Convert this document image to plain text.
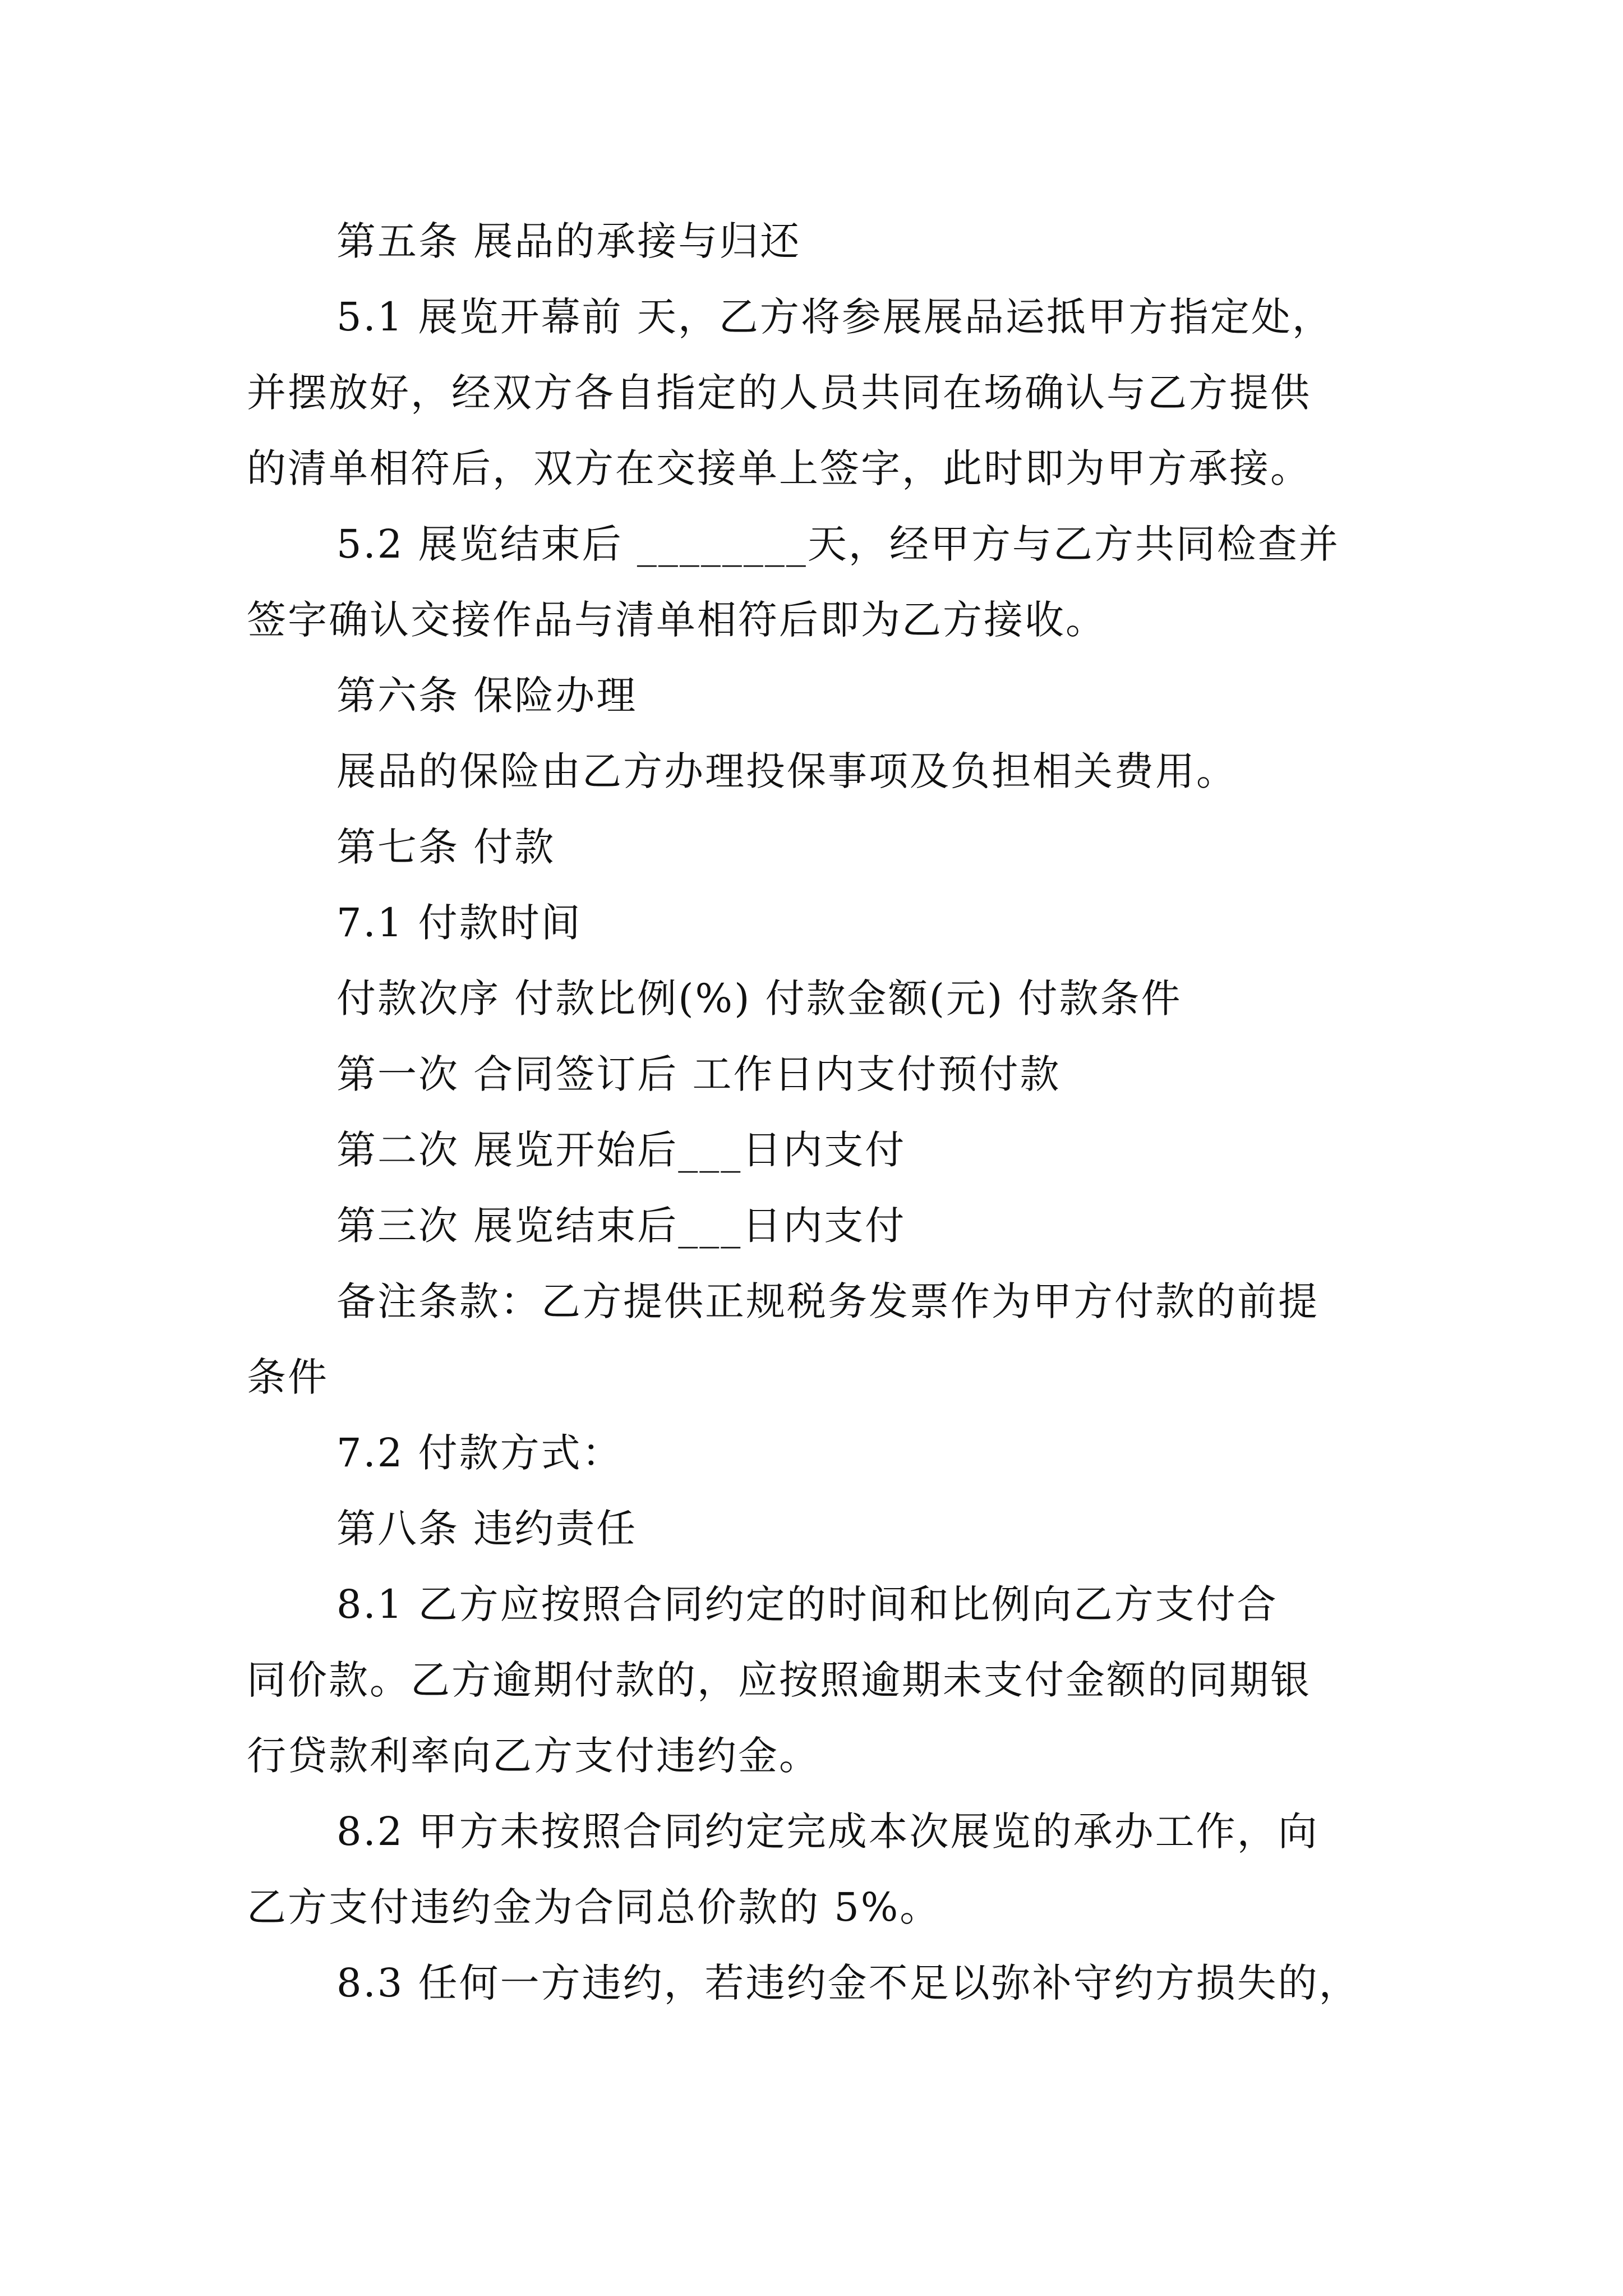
第五条 展品的承接与归还
5.1 展览开幕前 天，乙方将参展展品运抵甲方指定处，
并摆放好，经双方各自指定的人员共同在场确认与乙方提供
的清单相符后，双方在交接单上签字，此时即为甲方承接。
5.2 展览结束后 ________天，经甲方与乙方共同检查并
签字确认交接作品与清单相符后即为乙方接收。
第六条 保险办理
展品的保险由乙方办理投保事项及负担相关费用。
第七条 付款
7.1 付款时间
付款次序 付款比例(%) 付款金额(元) 付款条件
第一次 合同签订后 工作日内支付预付款
第二次 展览开始后___日内支付
第三次 展览结束后___日内支付
备注条款：乙方提供正规税务发票作为甲方付款的前提
条件
7.2 付款方式：
第八条 违约责任
8.1 乙方应按照合同约定的时间和比例向乙方支付合
同价款。乙方逾期付款的，应按照逾期未支付金额的同期银
行贷款利率向乙方支付违约金。
8.2 甲方未按照合同约定完成本次展览的承办工作，向
乙方支付违约金为合同总价款的 5%。
8.3 任何一方违约，若违约金不足以弥补守约方损失的，
